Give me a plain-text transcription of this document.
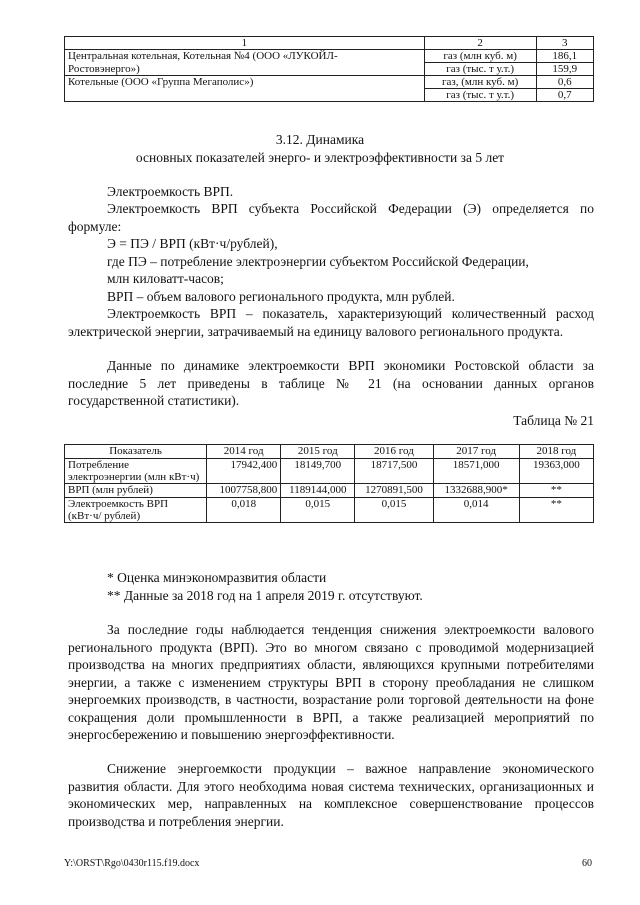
1	2	3
Центральная котельная, Котельная №4 (ООО «ЛУКОЙЛ-	газ (млн куб. м)	186,1
Ростовэнерго»)	газ (тыс. т у.т.)	159,9
Котельные (ООО «Группа Мегаполис»)	газ, (млн куб. м)	0,6
	газ (тыс. т у.т.)	0,7
3.12. Динамика
основных показателей энерго- и электроэффективности за 5 лет
Электроемкость ВРП.
Электроемкость ВРП субъекта Российской Федерации (Э) определяется по формуле:
Э = ПЭ / ВРП (кВт·ч/рублей),
где ПЭ – потребление электроэнергии субъектом Российской Федерации,
млн киловатт-часов;
ВРП – объем валового регионального продукта, млн рублей.
Электроемкость ВРП – показатель, характеризующий количественный расход электрической энергии, затрачиваемый на единицу валового регионального продукта.
Данные по динамике электроемкости ВРП экономики Ростовской области за последние 5 лет приведены в таблице № 21 (на основании данных органов государственной статистики).
Таблица № 21
Показатель	2014 год	2015 год	2016 год	2017 год	2018 год
Потребление электроэнергии (млн кВт·ч)	17942,400	18149,700	18717,500	18571,000	19363,000
ВРП (млн рублей)	1007758,800	1189144,000	1270891,500	1332688,900*	**
Электроемкость ВРП (кВт·ч/ рублей)	0,018	0,015	0,015	0,014	**
* Оценка минэкономразвития области
** Данные за 2018 год на 1 апреля 2019 г. отсутствуют.
За последние годы наблюдается тенденция снижения электроемкости валового регионального продукта (ВРП). Это во многом связано с проводимой модернизацией производства на многих предприятиях области, являющихся крупными потребителями энергии, а также с изменением структуры ВРП в сторону преобладания не слишком энергоемких производств, в частности, возрастание роли торговой деятельности на фоне сокращения доли промышленности в ВРП, а также реализацией мероприятий по энергосбережению и повышению энергоэффективности.
Снижение энергоемкости продукции – важное направление экономического развития области. Для этого необходима новая система технических, организационных и экономических мер, направленных на комплексное совершенствование процессов производства и потребления энергии.
Y:\ORST\Rgo\0430r115.f19.docx	60
